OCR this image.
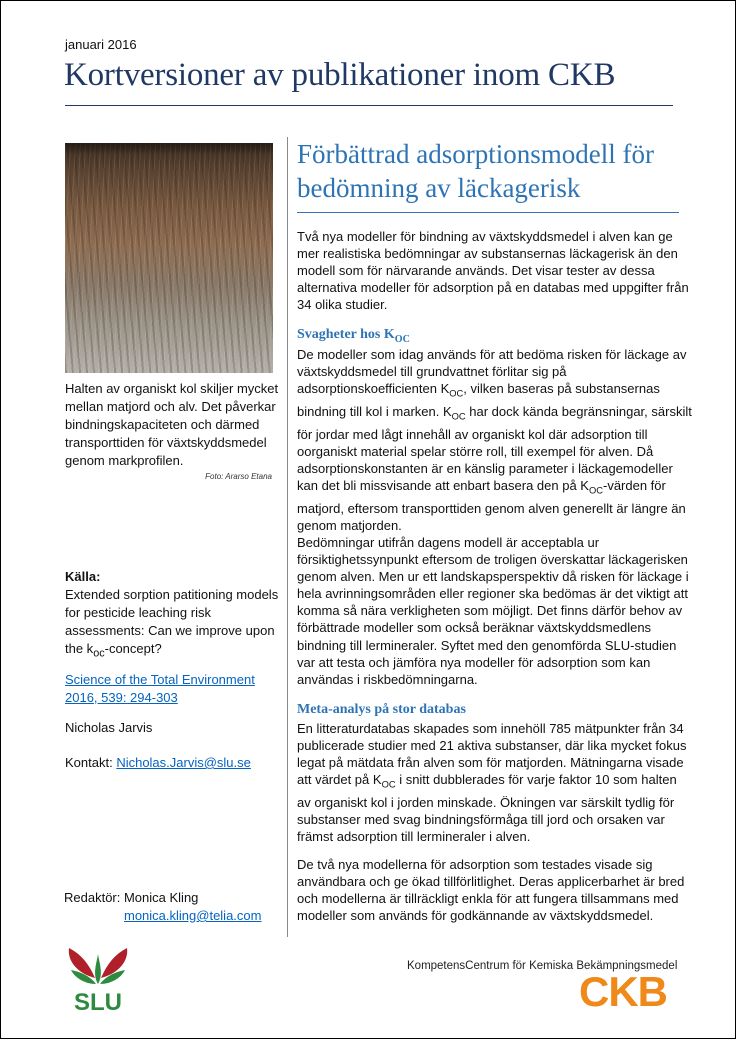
januari 2016
Kortversioner av publikationer inom CKB

Halten av organiskt kol skiljer mycket mellan matjord och alv. Det påverkar bindningskapaciteten och därmed transporttiden för växtskyddsmedel genom markprofilen.

Foto: Ararso Etana
Källa:

Extended sorption patitioning models for pesticide leaching risk assessments: Can we improve upon the $k_{oc}$-concept?

Science of the Total Environment
2016, 539: 294-303
Nicholas Jarvis
Kontakt: Nicholas.Jarvis@slu.se
Redaktör: Monica Kling
monica.kling@telia.com
Förbättrad adsorptionsmodell för bedömning av läckagerisk

Två nya modeller för bindning av växtskyddsmedel i alven kan ge mer realistiska bedömningar av substansernas läckagerisk än den modell som för närvarande används. Det visar tester av dessa alternativa modeller för adsorption på en databas med uppgifter från 34 olika studier.

Svagheter hos $K_{OC}$

De modeller som idag används för att bedöma risken för läckage av växtskyddsmedel till grundvattnet förlitar sig på adsorptionskoefficienten $K_{OC}$, vilken baseras på substansernas bindning till kol i marken. $K_{OC}$ har dock kända begränsningar, särskilt för jordar med lågt innehåll av organiskt kol där adsorption till oorganiskt material spelar större roll, till exempel för alven. Då adsorptionskonstanten är en känslig parameter i läckagemodeller kan det bli missvisande att enbart basera den på $K_{OC}$-värden för matjord, eftersom transporttiden genom alven generellt är längre än genom matjorden.

Bedömningar utifrån dagens modell är acceptabla ur försiktighetssynpunkt eftersom de troligen överskattar läckagerisken genom alven. Men ur ett landskapsperspektiv då risken för läckage i hela avrinningsområden eller regioner ska bedömas är det viktigt att komma så nära verkligheten som möjligt. Det finns därför behov av förbättrade modeller som också beräknar växtskyddsmedlens bindning till lermineraler. Syftet med den genomförda SLU-studien var att testa och jämföra nya modeller för adsorption som kan användas i riskbedömningarna.

Meta-analys på stor databas

En litteraturdatabas skapades som innehöll 785 mätpunkter från 34 publicerade studier med 21 aktiva substanser, där lika mycket fokus legat på mätdata från alven som för matjorden. Mätningarna visade att värdet på $K_{OC}$ i snitt dubblerades för varje faktor 10 som halten av organiskt kol i jorden minskade. Ökningen var särskilt tydlig för substanser med svag bindningsförmåga till jord och orsaken var främst adsorption till lermineraler i alven.

De två nya modellerna för adsorption som testades visade sig användbara och ge ökad tillförlitlighet. Deras applicerbarhet är bred och modellerna är tillräckligt enkla för att fungera tillsammans med modeller som används för godkännande av växtskyddsmedel.

SLU
KompetensCentrum för Kemiska Bekämpningsmedel
CKB
